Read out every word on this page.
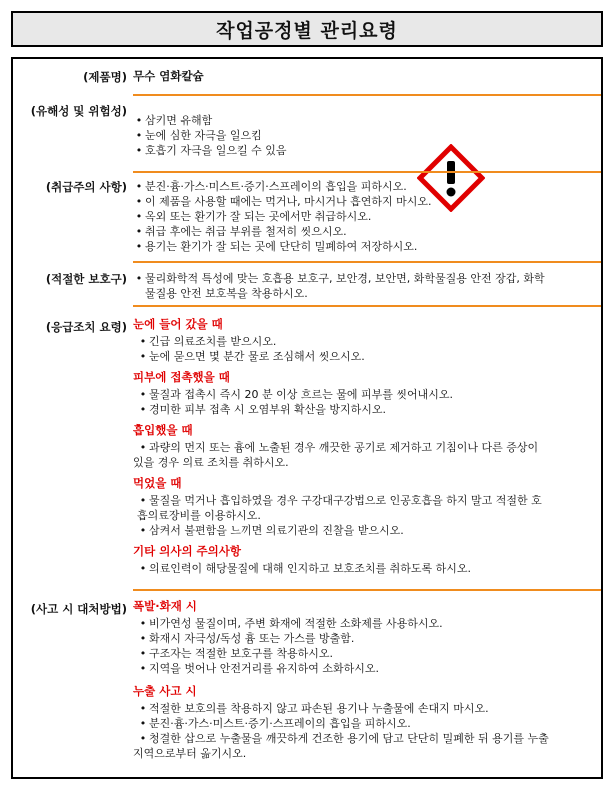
작업공정별 관리요령
(제품명) 무수 염화칼슘
(유해성 및 위험성)
• 삼키면 유해함
• 눈에 심한 자극을 일으킴
• 호흡기 자극을 일으킬 수 있음
(취급주의 사항) • 분진·흄·가스·미스트·증기·스프레이의 흡입을 피하시오.
• 이 제품을 사용할 때에는 먹거나, 마시거나 흡연하지 마시오.
• 옥외 또는 환기가 잘 되는 곳에서만 취급하시오.
• 취급 후에는 취급 부위를 철저히 씻으시오.
• 용기는 환기가 잘 되는 곳에 단단히 밀폐하여 저장하시오.
(적절한 보호구) • 물리화학적 특성에 맞는 호흡용 보호구, 보안경, 보안면, 화학물질용 안전 장갑, 화학
물질용 안전 보호복을 착용하시오.
(응급조치 요령) 눈에 들어 갔을 때
• 긴급 의료조치를 받으시오.
• 눈에 묻으면 몇 분간 물로 조심해서 씻으시오.
피부에 접촉했을 때
• 물질과 접촉시 즉시 20 분 이상 흐르는 물에 피부를 씻어내시오.
• 경미한 피부 접촉 시 오염부위 확산을 방지하시오.
흡입했을 때
• 과량의 먼지 또는 흄에 노출된 경우 깨끗한 공기로 제거하고 기침이나 다른 증상이
있을 경우 의료 조치를 취하시오.
먹었을 때
• 물질을 먹거나 흡입하였을 경우 구강대구강법으로 인공호흡을 하지 말고 적절한 호
흡의료장비를 이용하시오.
• 삼켜서 불편함을 느끼면 의료기관의 진찰을 받으시오.
기타 의사의 주의사항
• 의료인력이 해당물질에 대해 인지하고 보호조치를 취하도록 하시오.
(사고 시 대처방법) 폭발·화재 시
• 비가연성 물질이며, 주변 화재에 적절한 소화제를 사용하시오.
• 화재시 자극성/독성 흄 또는 가스를 방출함.
• 구조자는 적절한 보호구를 착용하시오.
• 지역을 벗어나 안전거리를 유지하여 소화하시오.
누출 사고 시
• 적절한 보호의를 착용하지 않고 파손된 용기나 누출물에 손대지 마시오.
• 분진·흄·가스·미스트·증기·스프레이의 흡입을 피하시오.
• 청결한 삽으로 누출물을 깨끗하게 건조한 용기에 담고 단단히 밀폐한 뒤 용기를 누출
지역으로부터 옮기시오.
